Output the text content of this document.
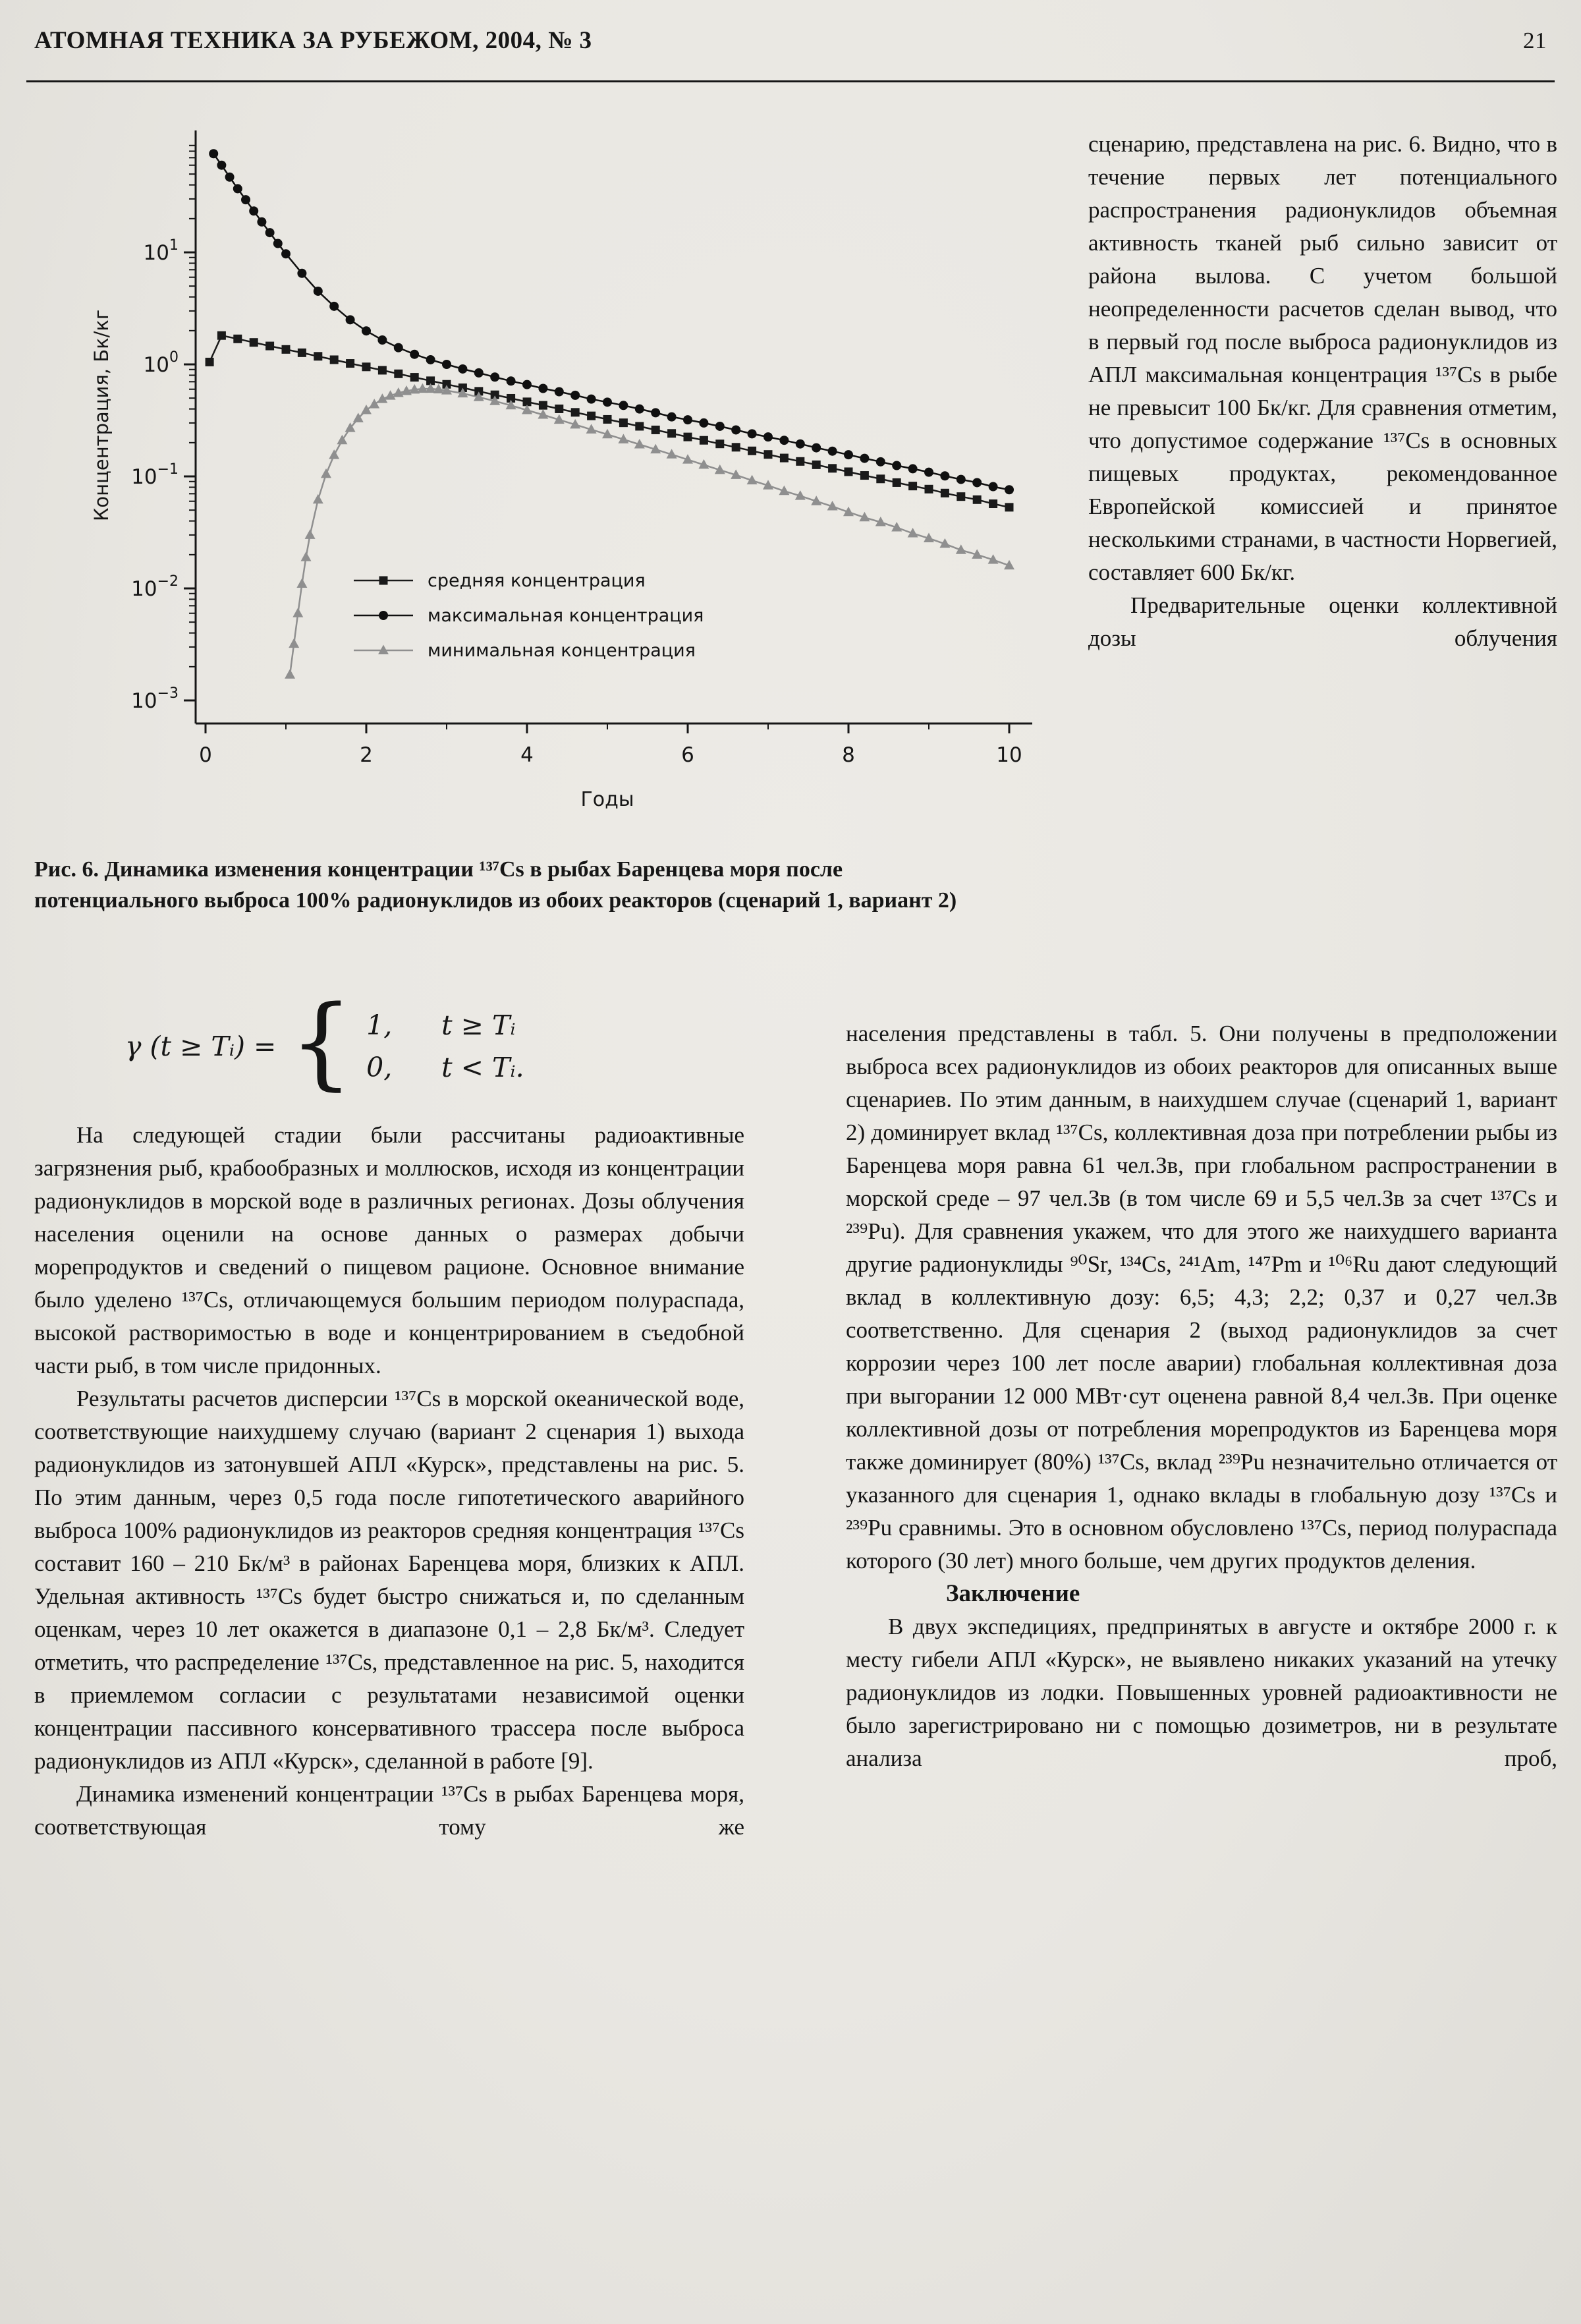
АТОМНАЯ ТЕХНИКА ЗА РУБЕЖОМ, 2004, № 3	21
$10^1$
$10^0$
$10^{-1}$
$10^{-2}$
$10^{-3}$
0	2	4	6	8	10
Годы
Концентрация, Бк/кг
средняя концентрация
максимальная концентрация
минимальная концентрация
Рис. 6. Динамика изменения концентрации ¹³⁷Cs в рыбах Баренцева моря после потенциального выброса 100% радионуклидов из обоих реакторов (сценарий 1, вариант 2)
γ (t ≥ Tᵢ) = { 1,	t ≥ Tᵢ
0,	t < Tᵢ.

На следующей стадии были рассчитаны радиоактивные загрязнения рыб, крабообразных и моллюсков, исходя из концентрации радионуклидов в морской воде в различных регионах. Дозы облучения населения оценили на основе данных о размерах добычи морепродуктов и сведений о пищевом рационе. Основное внимание было уделено ¹³⁷Cs, отличающемуся большим периодом полураспада, высокой растворимостью в воде и концентрированием в съедобной части рыб, в том числе придонных.

Результаты расчетов дисперсии ¹³⁷Cs в морской океанической воде, соответствующие наихудшему случаю (вариант 2 сценария 1) выхода радионуклидов из затонувшей АПЛ «Курск», представлены на рис. 5. По этим данным, через 0,5 года после гипотетического аварийного выброса 100% радионуклидов из реакторов средняя концентрация ¹³⁷Cs составит 160 – 210 Бк/м³ в районах Баренцева моря, близких к АПЛ. Удельная активность ¹³⁷Cs будет быстро снижаться и, по сделанным оценкам, через 10 лет окажется в диапазоне 0,1 – 2,8 Бк/м³. Следует отметить, что распределение ¹³⁷Cs, представленное на рис. 5, находится в приемлемом согласии с результатами независимой оценки концентрации пассивного консервативного трассера после выброса радионуклидов из АПЛ «Курск», сделанной в работе [9].

Динамика изменений концентрации ¹³⁷Cs в рыбах Баренцева моря, соответствующая тому же

сценарию, представлена на рис. 6. Видно, что в течение первых лет потенциального распространения радионуклидов объемная активность тканей рыб сильно зависит от района вылова. С учетом большой неопределенности расчетов сделан вывод, что в первый год после выброса радионуклидов из АПЛ максимальная концентрация ¹³⁷Cs в рыбе не превысит 100 Бк/кг. Для сравнения отметим, что допустимое содержание ¹³⁷Cs в основных пищевых продуктах, рекомендованное Европейской комиссией и принятое несколькими странами, в частности Норвегией, составляет 600 Бк/кг.

Предварительные оценки коллективной дозы облучения

населения представлены в табл. 5. Они получены в предположении выброса всех радионуклидов из обоих реакторов для описанных выше сценариев. По этим данным, в наихудшем случае (сценарий 1, вариант 2) доминирует вклад ¹³⁷Cs, коллективная доза при потреблении рыбы из Баренцева моря равна 61 чел.Зв, при глобальном распространении в морской среде – 97 чел.Зв (в том числе 69 и 5,5 чел.Зв за счет ¹³⁷Cs и ²³⁹Pu). Для сравнения укажем, что для этого же наихудшего варианта другие радионуклиды ⁹⁰Sr, ¹³⁴Cs, ²⁴¹Am, ¹⁴⁷Pm и ¹⁰⁶Ru дают следующий вклад в коллективную дозу: 6,5; 4,3; 2,2; 0,37 и 0,27 чел.Зв соответственно. Для сценария 2 (выход радионуклидов за счет коррозии через 100 лет после аварии) глобальная коллективная доза при выгорании 12 000 МВт·сут оценена равной 8,4 чел.Зв. При оценке коллективной дозы от потребления морепродуктов из Баренцева моря также доминирует (80%) ¹³⁷Cs, вклад ²³⁹Pu незначительно отличается от указанного для сценария 1, однако вклады в глобальную дозу ¹³⁷Cs и ²³⁹Pu сравнимы. Это в основном обусловлено ¹³⁷Cs, период полураспада которого (30 лет) много больше, чем других продуктов деления.

Заключение

В двух экспедициях, предпринятых в августе и октябре 2000 г. к месту гибели АПЛ «Курск», не выявлено никаких указаний на утечку радионуклидов из лодки. Повышенных уровней радиоактивности не было зарегистрировано ни с помощью дозиметров, ни в результате анализа проб,
